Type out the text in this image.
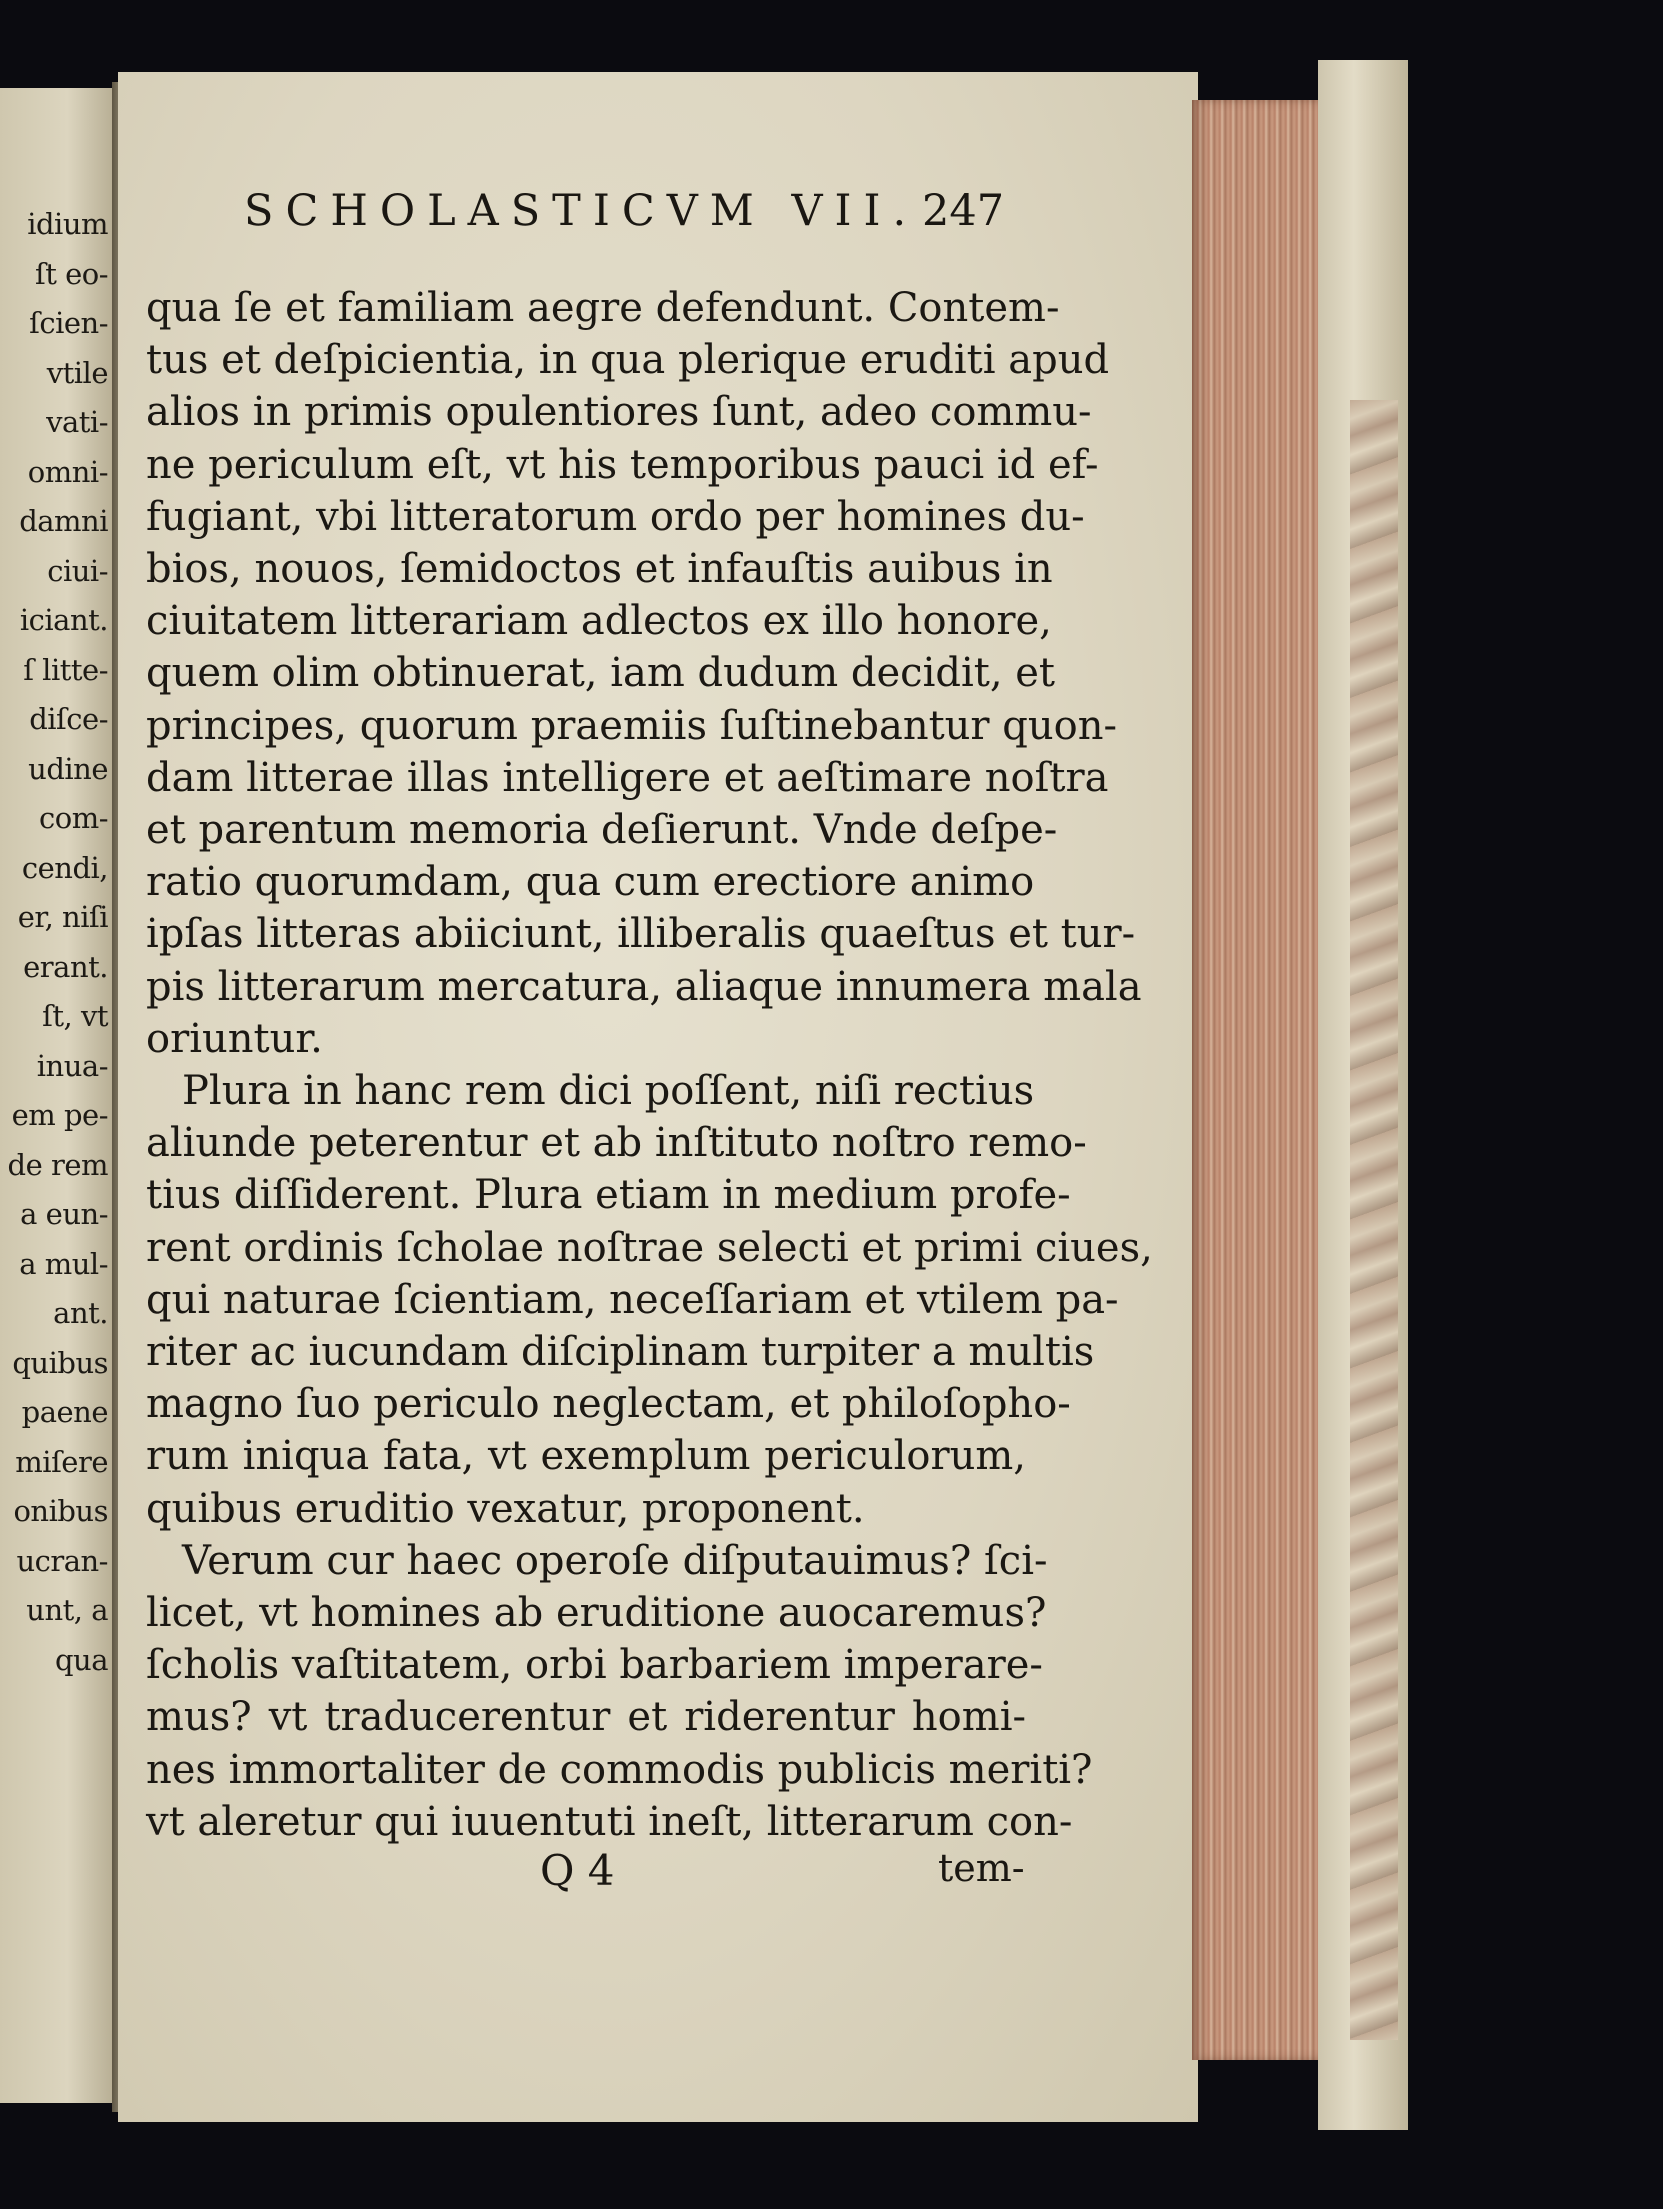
idium
ſt eo-
ſcien-
vtile
vati-
omni-
damni
ciui-
iciant.
ſ litte-
diſce-
udine
com-
cendi,
er, niſi
erant.
ſt, vt
inua-
em pe-
de rem
a eun-
a mul-
ant.
quibus
paene
miſere
onibus
ucran-
unt, a
qua
SCHOLASTICVM VII. 247
qua ſe et familiam aegre defendunt. Contem-
tus et deſpicientia, in qua plerique eruditi apud
alios in primis opulentiores ſunt, adeo commu-
ne periculum eſt, vt his temporibus pauci id ef-
fugiant, vbi litteratorum ordo per homines du-
bios, nouos, ſemidoctos et infauſtis auibus in
ciuitatem litterariam adlectos ex illo honore,
quem olim obtinuerat, iam dudum decidit, et
principes, quorum praemiis ſuſtinebantur quon-
dam litterae illas intelligere et aeſtimare noſtra
et parentum memoria deſierunt. Vnde deſpe-
ratio quorumdam, qua cum erectiore animo
ipſas litteras abiiciunt, illiberalis quaeſtus et tur-
pis litterarum mercatura, aliaque innumera mala
oriuntur.
Plura in hanc rem dici poſſent, niſi rectius
aliunde peterentur et ab inſtituto noſtro remo-
tius diſſiderent. Plura etiam in medium profe-
rent ordinis ſcholae noſtrae selecti et primi ciues,
qui naturae ſcientiam, neceſſariam et vtilem pa-
riter ac iucundam diſciplinam turpiter a multis
magno ſuo periculo neglectam, et philoſopho-
rum iniqua fata, vt exemplum periculorum,
quibus eruditio vexatur, proponent.
Verum cur haec operoſe diſputauimus? ſci-
licet, vt homines ab eruditione auocaremus?
ſcholis vaſtitatem, orbi barbariem imperare-
mus? vt traducerentur et riderentur homi-
nes immortaliter de commodis publicis meriti?
vt aleretur qui iuuentuti ineſt, litterarum con-
Q 4	tem-
